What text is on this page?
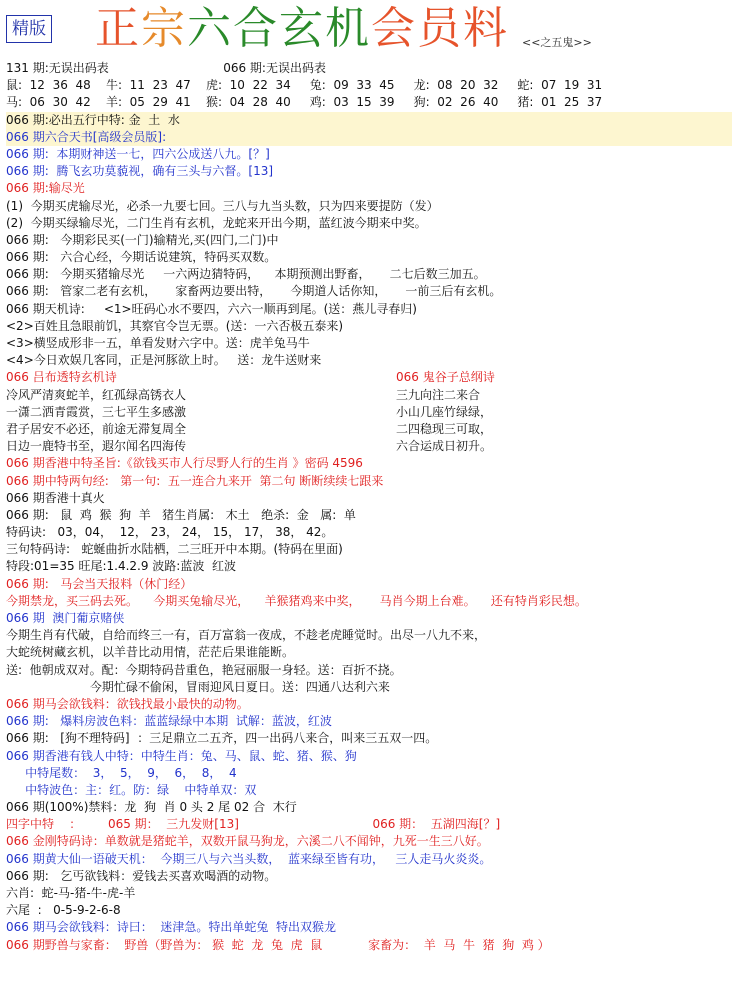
精版 正宗六合玄机会员料 <<之五鬼>>
131 期:无误出码表                              066 期:无误出码表
鼠:  12  36  48    牛:  11  23  47    虎:  10  22  34     兔:  09  33  45     龙:  08  20  32     蛇:  07  19  31
马:  06  30  42    羊:  05  29  41    猴:  04  28  40     鸡:  03  15  39     狗:  02  26  40     猪:  01  25  37
066 期:必出五行中特: 金  土  水
066 期六合天书[高级会员版]:
066 期:  本期财神送一七，四六公成送八九。[？]
066 期:  腾飞玄功莫藐视，确有三头与六督。[13]
066 期:输尽光
(1)  今期买虎输尽光，必杀一九要七回。三八与九当头数，只为四来要提防（发）
(2)  今期买绿输尽光，二门生肖有玄机，龙蛇来开出今期，蓝红波今期来中奖。
066 期:   今期彩民买(一门)输精光,买(四门,二门)中
066 期:   六合心经，今期话说建筑，特码买双数。
066 期:   今期买猪输尽光     一六两边猜特码，    本期预测出野畜，     二七后数三加五。
066 期:   管家二老有玄机，     家畜两边要出特，     今期道人话你知，     一前三后有玄机。
066 期天机诗:     <1>旺码心水不要四，六六一顺再到尾。(送：燕儿寻春归)
<2>百姓且急眼前饥，其察官令岂无票。(送：一六否极五泰来)
<3>横竖成形非一五，单看发财六字中。送：虎羊兔马牛
<4>今日欢娱几客同，正是河豚欲上时。   送：龙牛送财来
066 吕布透特玄机诗	066 鬼谷子总纲诗
冷风严清爽蛇羊，红孤绿高锈衣人	三九向注二来合
一潇二洒青霞赏，三七平生多感激	小山几座竹绿绿，
君子居安不必还，前途无滞复周全	二四稳现三可取，
日边一鹿特书至，遐尔闻名四海传	六合运成日初升。
066 期香港中特圣旨:《欲钱买市人行尽野人行的生肖 》密码 4596
066 期中特两句经:   第一句:  五一连合九来开  第二句 断断续续七跟来
066 期香港十真火
066 期:   鼠  鸡  猴  狗  羊   猪生肖属:   木土   绝杀:  金   属:  单
特码诀:   03，04，  12， 23， 24， 15， 17， 38， 42。
三句特码诗:   蛇蜒曲折水陆栖，二三旺开中本期。(特码在里面)
特段:01=35 旺尾:1.4.2.9 波路:蓝波  红波
066 期:   马会当天报料（休门经）
今期禁龙，买三码去死。    今期买兔输尽光，    羊猴猪鸡来中奖，     马肖今期上台难。    还有特肖彩民想。
066 期  澳门葡京赌侠
今期生肖有代破，自给而终三一有，百万富翁一夜成，不趁老虎睡觉时。出尽一八九不来，
大蛇统树藏玄机，以羊昔比动用情，茫茫后果谁能断。
送:  他朝成双对。配：今期特码昔重色，艳冠丽服一身轻。送：百折不挠。
今期忙碌不偷闲，冒雨迎风日夏日。送：四通八达利六来
066 期马会欲钱料：欲钱找最小最快的动物。
066 期:   爆料房波色料：蓝蓝绿绿中本期  试解：蓝波，红波
066 期:   [狗不理特码]  ：三足鼎立二五齐，四一出码八来合，叫来三五双一四。
066 期香港有钱人中特：中特生肖：兔、马、鼠、蛇、猪、猴、狗
中特尾数：  3，  5，  9，  6，  8，  4
中特波色：主：红。防：绿    中特单双：双
066 期(100%)禁料：龙  狗  肖 0 头 2 尾 02 合  木行
四字中特    ：       065 期：  三九发财[13]                                   066 期：  五湖四海[？]
066 金刚特码诗：单数就是猪蛇羊，双数开鼠马狗龙，六溪二八不闻钟，九死一生三八好。
066 期黄大仙一语破天机：  今期三八与六当头数，  蓝来绿至皆有功，   三人走马火炎炎。
066 期:   乞丐欲钱料：爱钱去买喜欢喝酒的动物。
六肖:  蛇-马-猪-牛-虎-羊
六尾  :   0-5-9-2-6-8
066 期马会欲钱料：诗曰：  迷津急。特出单蛇兔  特出双猴龙
066 期野兽与家畜：  野兽（野兽为： 猴  蛇  龙  兔  虎  鼠            家畜为：  羊  马  牛  猪  狗  鸡 ）
